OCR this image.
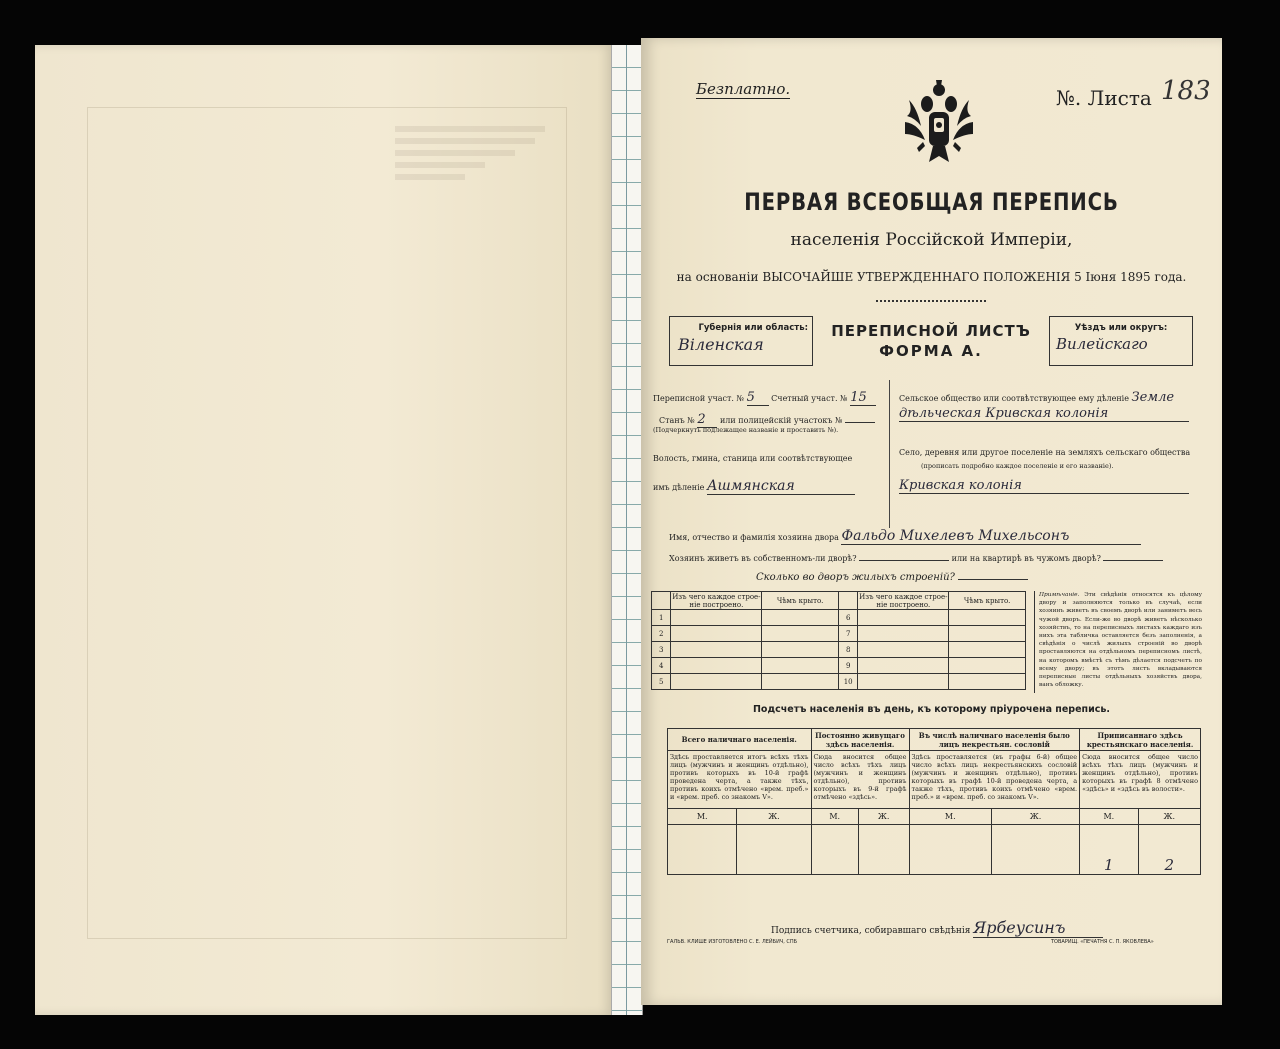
Безплатно.	№. Листа 183
ПЕРВАЯ ВСЕОБЩАЯ ПЕРЕПИСЬ
населенія Россійской Имперіи,
на основаніи ВЫСОЧАЙШЕ УТВЕРЖДЕННАГО ПОЛОЖЕНІЯ 5 Іюня 1895 года.
Губернія или область:
Віленская
ПЕРЕПИСНОЙ ЛИСТЪ
ФОРМА А.
Уѣздъ или округъ:
Вилейскаго
Переписной участ. № 5 Счетный участ. № 15
Станъ № 2 или полицейскій участокъ №
(Подчеркнуть подлежащее названіе и проставить №).
Волость, гмина, станица или соотвѣтствующее
имъ дѣленіе Ашмянская
Сельское общество или соотвѣтствующее ему дѣленіе Земле
дѣльческая Кривская колонія
Село, деревня или другое поселеніе на земляхъ сельскаго общества
(прописать подробно каждое поселеніе и его названіе).
Кривская колонія
Имя, отчество и фамилія хозяина двора Фальдо Михелевъ Михельсонъ
Хозяинъ живетъ въ собственномъ-ли дворѣ?	или на квартирѣ въ чужомъ дворѣ?
Сколько во дворъ жилыхъ строеній?
	Изъ чего каждое строе-ніе построено.	Чѣмъ крыто.		Изъ чего каждое строе-ніе построено.	Чѣмъ крыто.
1			6		
2			7		
3			8		
4			9		
5			10		
Примѣчаніе. Эти свѣдѣнія относятся къ цѣлому двору и заполняются только въ случаѣ, если хозяинъ живетъ въ своемъ дворѣ или заниметъ весь чужой дворъ. Если-же во дворѣ живетъ нѣсколько хозяйствъ, то на переписныхъ листахъ каждаго изъ нихъ эта табличка оставляется безъ заполненія, а свѣдѣнія о числѣ жилыхъ строеній во дворѣ проставляются на отдѣльномъ переписномъ листѣ, на которомъ вмѣстѣ съ тѣмъ дѣлается подсчетъ по всему двору; въ этотъ листъ вкладываются переписные листы отдѣльныхъ хозяйствъ двора, ванъ обложку.
Подсчетъ населенія въ день, къ которому пріурочена перепись.
Всего наличнаго населенія.		Постоянно живущаго здѣсь населенія.		Въ числѣ наличнаго населенія было лицъ некрестьян. сословій		Приписаннаго здѣсь крестьянскаго населенія.	
Здѣсь проставляется итогъ всѣхъ тѣхъ лицъ (мужчинъ и женщинъ отдѣльно), противъ которыхъ въ 10-й графѣ проведена черта, а также тѣхъ, противъ коихъ отмѣчено «врем. преб.» и «врем. преб. со знакомъ V».		Сюда вносится общее число всѣхъ тѣхъ лицъ (мужчинъ и женщинъ отдѣльно), противъ которыхъ въ 9-й графѣ отмѣчено «здѣсь».		Здѣсь проставляется (въ графы 6-й) общее число всѣхъ лицъ некрестьянскихъ сословій (мужчинъ и женщинъ отдѣльно), противъ которыхъ въ графѣ 10-й проведена черта, а также тѣхъ, противъ коихъ отмѣчено «врем. преб.» и «врем. преб. со знакомъ V».		Сюда вносится общее число всѣхъ тѣхъ лицъ (мужчинъ и женщинъ отдѣльно), противъ которыхъ въ графѣ 8 отмѣчено «здѣсь» и «здѣсь въ волости».	
М.	Ж.	М.	Ж.	М.	Ж.	М.	Ж.
						1	2
Подпись счетчика, собиравшаго свѣдѣнія Ярбеусинъ
ГАЛЬВ. КЛИШЕ ИЗГОТОВЛЕНО С. Е. ЛЕЙБИЧ, СПБ	ТОВАРИЩ. «ПЕЧАТНЯ С. П. ЯКОВЛЕВА»
